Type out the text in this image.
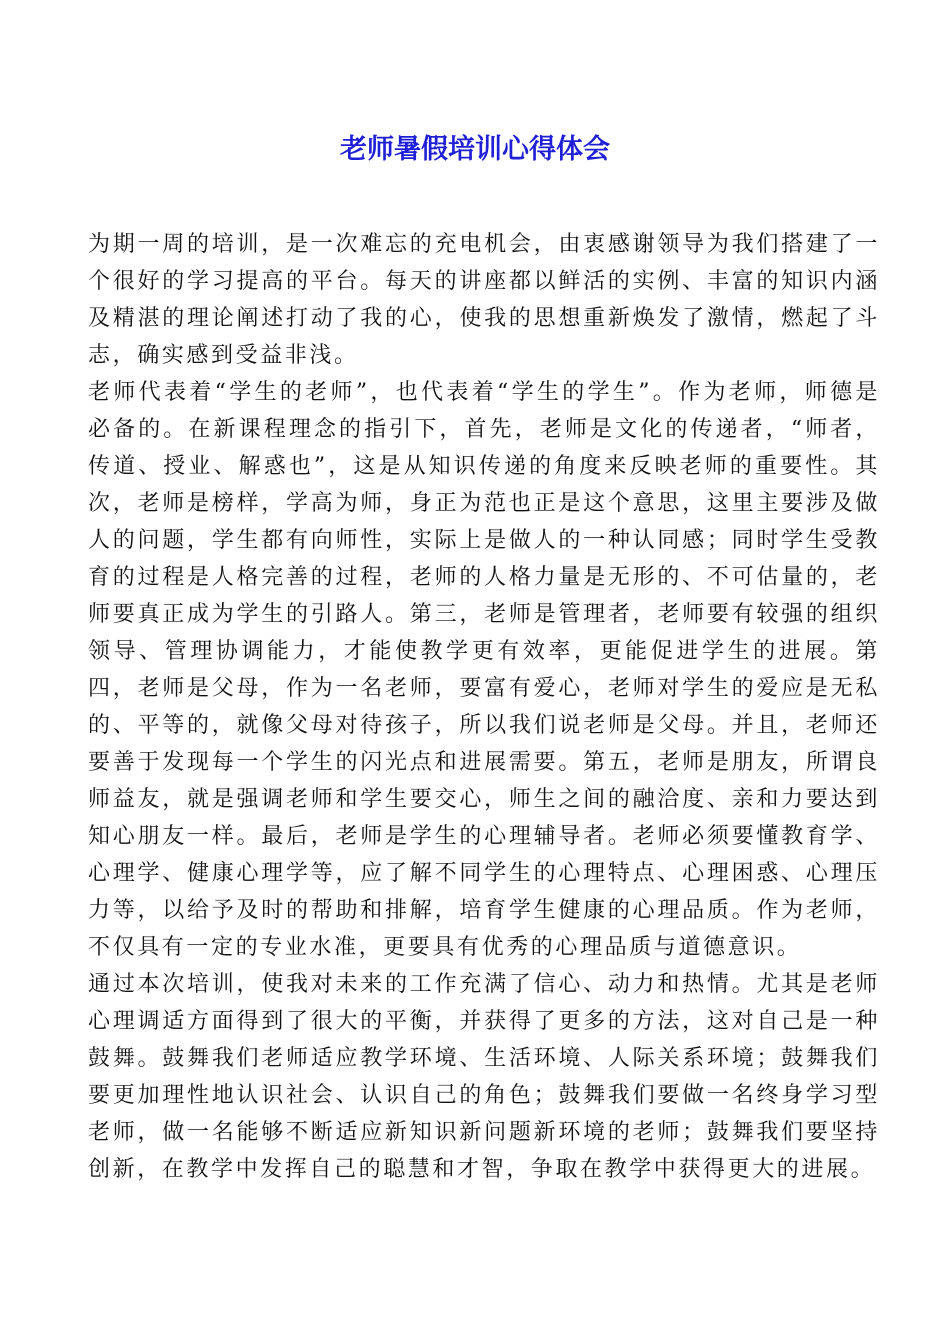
老师暑假培训心得体会

为期一周的培训，是一次难忘的充电机会，由衷感谢领导为我们搭建了一个很好的学习提高的平台。每天的讲座都以鲜活的实例、丰富的知识内涵及精湛的理论阐述打动了我的心，使我的思想重新焕发了激情，燃起了斗志，确实感到受益非浅。

老师代表着“学生的老师”，也代表着“学生的学生”。作为老师，师德是必备的。在新课程理念的指引下，首先，老师是文化的传递者，“师者，传道、授业、解惑也”，这是从知识传递的角度来反映老师的重要性。其次，老师是榜样，学高为师，身正为范也正是这个意思，这里主要涉及做人的问题，学生都有向师性，实际上是做人的一种认同感；同时学生受教育的过程是人格完善的过程，老师的人格力量是无形的、不可估量的，老师要真正成为学生的引路人。第三，老师是管理者，老师要有较强的组织领导、管理协调能力，才能使教学更有效率，更能促进学生的进展。第四，老师是父母，作为一名老师，要富有爱心，老师对学生的爱应是无私的、平等的，就像父母对待孩子，所以我们说老师是父母。并且，老师还要善于发现每一个学生的闪光点和进展需要。第五，老师是朋友，所谓良师益友，就是强调老师和学生要交心，师生之间的融洽度、亲和力要达到知心朋友一样。最后，老师是学生的心理辅导者。老师必须要懂教育学、心理学、健康心理学等，应了解不同学生的心理特点、心理困惑、心理压力等，以给予及时的帮助和排解，培育学生健康的心理品质。作为老师，不仅具有一定的专业水准，更要具有优秀的心理品质与道德意识。

通过本次培训，使我对未来的工作充满了信心、动力和热情。尤其是老师心理调适方面得到了很大的平衡，并获得了更多的方法，这对自己是一种鼓舞。鼓舞我们老师适应教学环境、生活环境、人际关系环境；鼓舞我们要更加理性地认识社会、认识自己的角色；鼓舞我们要做一名终身学习型老师，做一名能够不断适应新知识新问题新环境的老师；鼓舞我们要坚持创新，在教学中发挥自己的聪慧和才智，争取在教学中获得更大的进展。
